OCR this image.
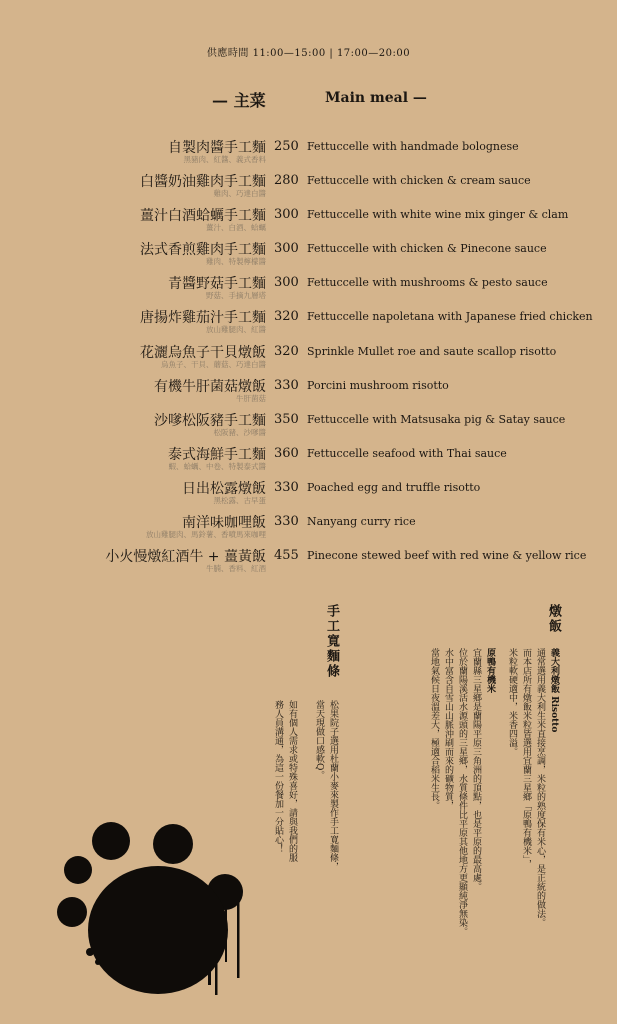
供應時間 11:00—15:00 | 17:00—20:00
— 主菜	Main meal —
自製肉醬手工麵
黑豬肉、紅醬、義式香料
250 Fettuccelle with handmade bolognese
白醬奶油雞肉手工麵
雞肉、巧達白醬
280 Fettuccelle with chicken & cream sauce
薑汁白酒蛤蠣手工麵
薑汁、白酒、蛤蠣
300 Fettuccelle with white wine mix ginger & clam
法式香煎雞肉手工麵
雞肉、特製檸檬醬
300 Fettuccelle with chicken & Pinecone sauce
青醬野菇手工麵
野菇、手摘九層塔
300 Fettuccelle with mushrooms & pesto sauce
唐揚炸雞茄汁手工麵
放山雞腿肉、紅醬
320 Fettuccelle napoletana with Japanese fried chicken
花灑烏魚子干貝燉飯
烏魚子、干貝、蘑菇、巧達白醬
320 Sprinkle Mullet roe and saute scallop risotto
有機牛肝菌菇燉飯
牛肝菌菇
330 Porcini mushroom risotto
沙嗲松阪豬手工麵
松阪豬、沙嗲醬
350 Fettuccelle with Matsusaka pig & Satay sauce
泰式海鮮手工麵
蝦、蛤蠣、中卷、特製泰式醬
360 Fettuccelle seafood with Thai sauce
日出松露燉飯
黑松露、古早蛋
330 Poached egg and truffle risotto
南洋味咖哩飯
放山雞腿肉、馬鈴薯、香噴馬來咖哩
330 Nanyang curry rice
小火慢燉紅酒牛 + 薑黃飯
牛腩、香料、紅酒
455 Pinecone stewed beef with red wine & yellow rice
燉飯
義大利燉飯 Risotto
通常選用義大利生米直接烹調，米粒的熟度保有米心，是正統的做法。
而本店所有燉飯米粒皆選用宜蘭三星鄉「原鴨有機米」，
米粒軟硬適中，米香四溢。
原鴨有機米
宜蘭縣三星鄉是蘭陽平原三角洲的頂點，也是平原的最高處。
位於蘭陽溪活水源頭的三星鄉，水質條件比平原其他地方更顯純淨無染。
水中富含自雪山山脈沖刷而來的礦物質，
當地氣候日夜溫差大，極適合稻米生長。
手工寬麵條
松果院子選用杜蘭小麥來製作手工寬麵條，
當天現做口感軟Q。
如有個人需求或特殊喜好，請與我們的服
務人員溝通，為這一份餐加一分貼心！
